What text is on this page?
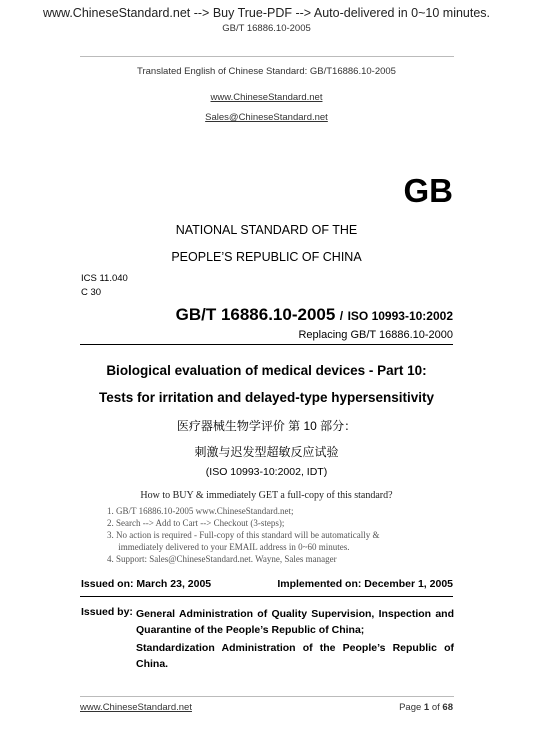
www.ChineseStandard.net --> Buy True-PDF --> Auto-delivered in 0~10 minutes.
GB/T 16886.10-2005
Translated English of Chinese Standard: GB/T16886.10-2005
www.ChineseStandard.net
Sales@ChineseStandard.net
GB
NATIONAL STANDARD OF THE
PEOPLE’S REPUBLIC OF CHINA
ICS 11.040
C 30
GB/T 16886.10-2005 / ISO 10993-10:2002
Replacing GB/T 16886.10-2000
Biological evaluation of medical devices - Part 10:
Tests for irritation and delayed-type hypersensitivity
医疗器械生物学评价 第 10 部分：
刺激与迟发型超敏反应试验
(ISO 10993-10:2002, IDT)
How to BUY & immediately GET a full-copy of this standard?
1. GB/T 16886.10-2005 www.ChineseStandard.net;
2. Search --> Add to Cart --> Checkout (3-steps);
3. No action is required - Full-copy of this standard will be automatically &
immediately delivered to your EMAIL address in 0~60 minutes.
4. Support: Sales@ChineseStandard.net. Wayne, Sales manager
Issued on: March 23, 2005	Implemented on: December 1, 2005
Issued by: General Administration of Quality Supervision, Inspection and Quarantine of the People’s Republic of China;
Standardization Administration of the People’s Republic of China.
www.ChineseStandard.net	Page 1 of 68
